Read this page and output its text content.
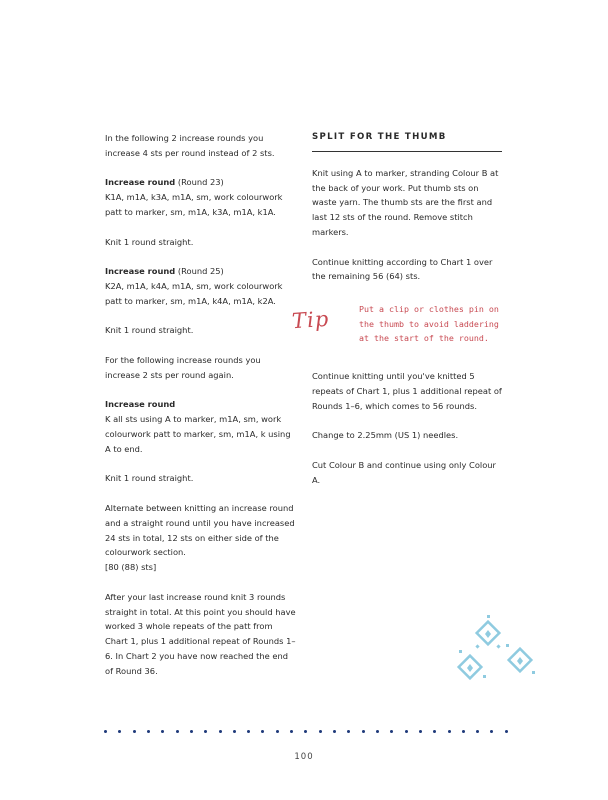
In the following 2 increase rounds you increase 4 sts per round instead of 2 sts.

Increase round (Round 23)
K1A, m1A, k3A, m1A, sm, work colourwork patt to marker, sm, m1A, k3A, m1A, k1A.

Knit 1 round straight.

Increase round (Round 25)
K2A, m1A, k4A, m1A, sm, work colourwork patt to marker, sm, m1A, k4A, m1A, k2A.

Knit 1 round straight.

For the following increase rounds you increase 2 sts per round again.

Increase round
K all sts using A to marker, m1A, sm, work colourwork patt to marker, sm, m1A, k using A to end.

Knit 1 round straight.

Alternate between knitting an increase round and a straight round until you have increased 24 sts in total, 12 sts on either side of the colourwork section.
[80 (88) sts]

After your last increase round knit 3 rounds straight in total. At this point you should have worked 3 whole repeats of the patt from Chart 1, plus 1 additional repeat of Rounds 1–6. In Chart 2 you have now reached the end of Round 36.

SPLIT FOR THE THUMB

Knit using A to marker, stranding Colour B at the back of your work. Put thumb sts on waste yarn. The thumb sts are the first and last 12 sts of the round. Remove stitch markers.

Continue knitting according to Chart 1 over the remaining 56 (64) sts.

Tip	Put a clip or clothes pin on
the thumb to avoid laddering
at the start of the round.

Continue knitting until you've knitted 5 repeats of Chart 1, plus 1 additional repeat of Rounds 1–6, which comes to 56 rounds.

Change to 2.25mm (US 1) needles.

Cut Colour B and continue using only Colour A.

100
